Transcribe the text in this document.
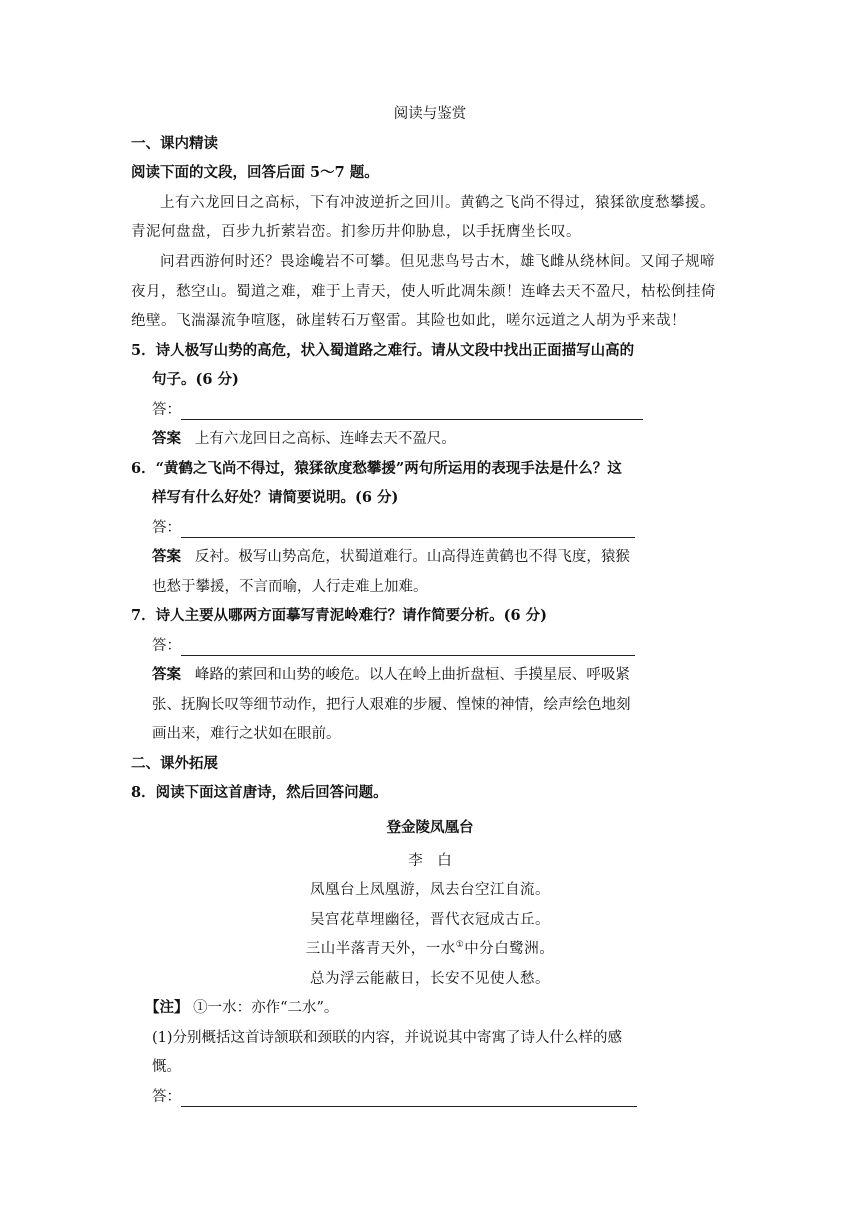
阅读与鉴赏
一、课内精读
阅读下面的文段，回答后面 5～7 题。
上有六龙回日之高标，下有冲波逆折之回川。黄鹤之飞尚不得过，猿猱欲度愁攀援。
青泥何盘盘，百步九折萦岩峦。扪参历井仰胁息，以手抚膺坐长叹。
问君西游何时还？畏途巉岩不可攀。但见悲鸟号古木，雄飞雌从绕林间。又闻子规啼
夜月，愁空山。蜀道之难，难于上青天，使人听此凋朱颜！连峰去天不盈尺，枯松倒挂倚
绝壁。飞湍瀑流争喧豗，砯崖转石万壑雷。其险也如此，嗟尔远道之人胡为乎来哉！
5．诗人极写山势的高危，状入蜀道路之难行。请从文段中找出正面描写山高的
句子。(6 分)
答：
答案 上有六龙回日之高标、连峰去天不盈尺。
6．“黄鹤之飞尚不得过，猿猱欲度愁攀援”两句所运用的表现手法是什么？这
样写有什么好处？请简要说明。(6 分)
答：
答案 反衬。极写山势高危，状蜀道难行。山高得连黄鹤也不得飞度，猿猴
也愁于攀援，不言而喻，人行走难上加难。
7．诗人主要从哪两方面摹写青泥岭难行？请作简要分析。(6 分)
答：
答案 峰路的萦回和山势的峻危。以人在岭上曲折盘桓、手摸星辰、呼吸紧
张、抚胸长叹等细节动作，把行人艰难的步履、惶悚的神情，绘声绘色地刻
画出来，难行之状如在眼前。
二、课外拓展
8．阅读下面这首唐诗，然后回答问题。
登金陵凤凰台
李　白
凤凰台上凤凰游，凤去台空江自流。
吴宫花草埋幽径，晋代衣冠成古丘。
三山半落青天外，一水①中分白鹭洲。
总为浮云能蔽日，长安不见使人愁。
【注】 ①一水：亦作“二水”。
(1)分别概括这首诗颔联和颈联的内容，并说说其中寄寓了诗人什么样的感
慨。
答：
